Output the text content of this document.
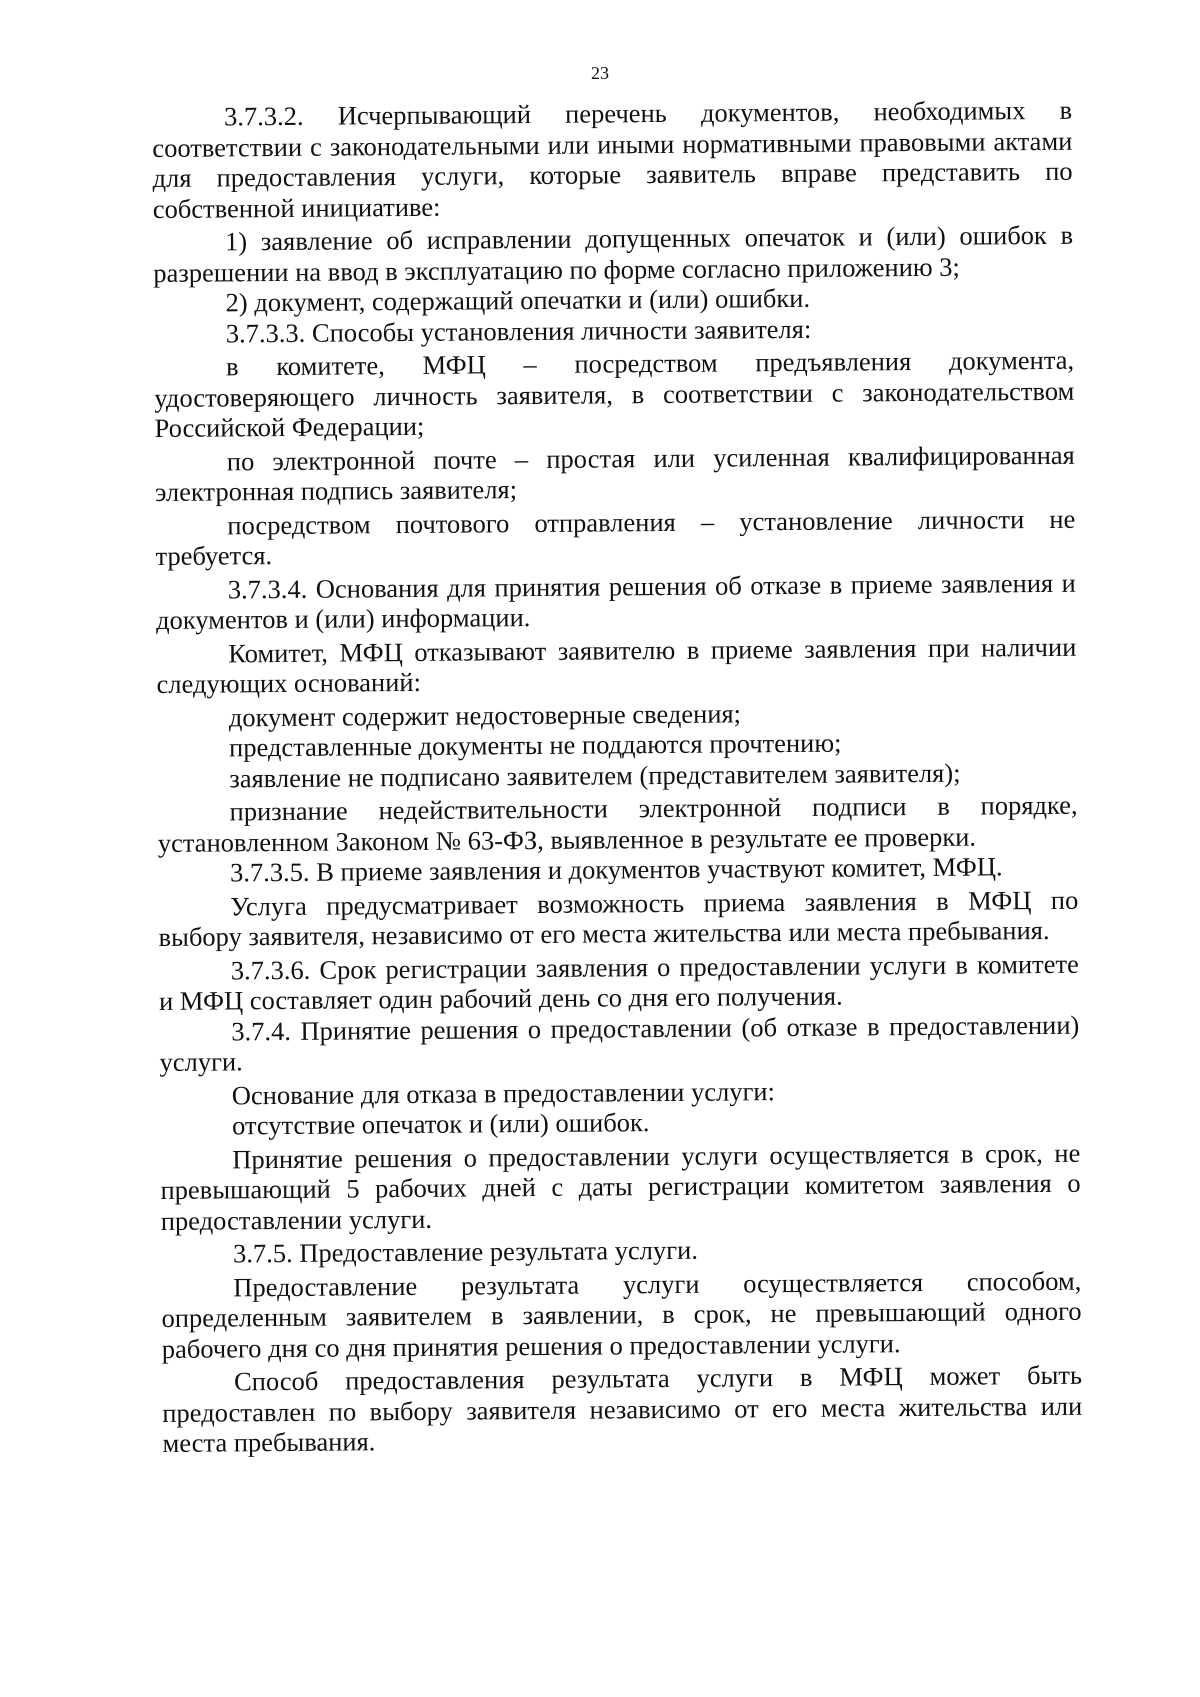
23

3.7.3.2. Исчерпывающий перечень документов, необходимых в соответствии с законодательными или иными нормативными правовыми актами для предоставления услуги, которые заявитель вправе представить по собственной инициативе:

1) заявление об исправлении допущенных опечаток и (или) ошибок в разрешении на ввод в эксплуатацию по форме согласно приложению 3;

2) документ, содержащий опечатки и (или) ошибки.

3.7.3.3. Способы установления личности заявителя:

в комитете, МФЦ – посредством предъявления документа, удостоверяющего личность заявителя, в соответствии с законодательством Российской Федерации;

по электронной почте – простая или усиленная квалифицированная электронная подпись заявителя;

посредством почтового отправления – установление личности не требуется.

3.7.3.4. Основания для принятия решения об отказе в приеме заявления и документов и (или) информации.

Комитет, МФЦ отказывают заявителю в приеме заявления при наличии следующих оснований:

документ содержит недостоверные сведения;

представленные документы не поддаются прочтению;

заявление не подписано заявителем (представителем заявителя);

признание недействительности электронной подписи в порядке, установленном Законом № 63-ФЗ, выявленное в результате ее проверки.

3.7.3.5. В приеме заявления и документов участвуют комитет, МФЦ.

Услуга предусматривает возможность приема заявления в МФЦ по выбору заявителя, независимо от его места жительства или места пребывания.

3.7.3.6. Срок регистрации заявления о предоставлении услуги в комитете и МФЦ составляет один рабочий день со дня его получения.

3.7.4. Принятие решения о предоставлении (об отказе в предоставлении) услуги.

Основание для отказа в предоставлении услуги:

отсутствие опечаток и (или) ошибок.

Принятие решения о предоставлении услуги осуществляется в срок, не превышающий 5 рабочих дней с даты регистрации комитетом заявления о предоставлении услуги.

3.7.5. Предоставление результата услуги.

Предоставление результата услуги осуществляется способом, определенным заявителем в заявлении, в срок, не превышающий одного рабочего дня со дня принятия решения о предоставлении услуги.

Способ предоставления результата услуги в МФЦ может быть предоставлен по выбору заявителя независимо от его места жительства или места пребывания.
